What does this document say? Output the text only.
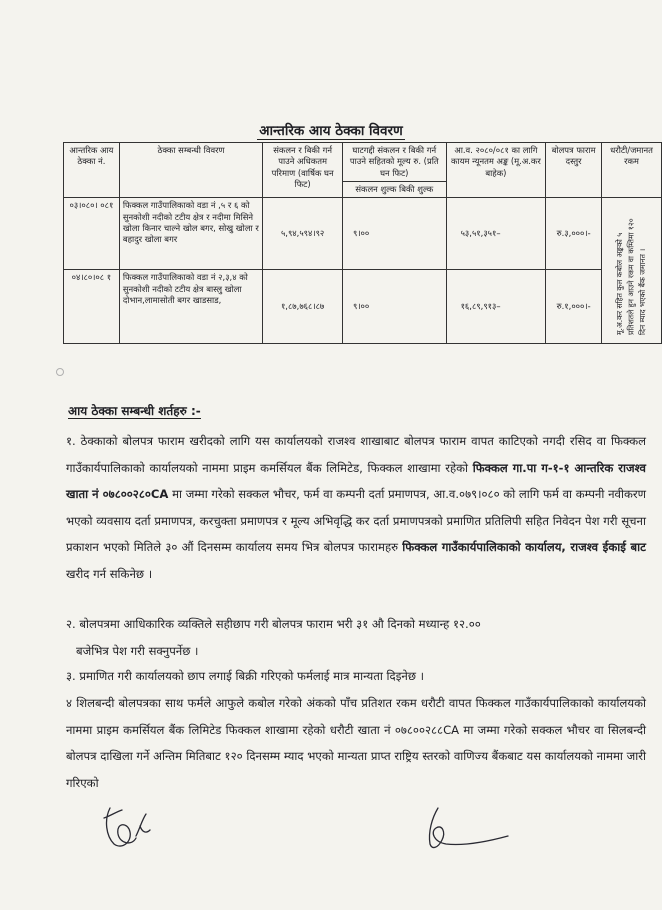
आन्तरिक आय ठेक्का विवरण
आन्तरिक आय ठेक्का नं.	ठेक्का सम्बन्धी विवरण	संकलन र बिकी गर्न पाउने अधिकतम परिमाण (वार्षिक घन फिट)	घाटगद्दी संकलन र बिकी गर्न पाउने सहितको मूल्य रु. (प्रति घन फिट)	आ.व. २०८०/०८१ का लागि कायम न्यूनतम अङ्क (मू.अ.कर बाहेक)	बोलपत्र फाराम दस्तुर	धरौटी/जमानत रकम
			संकलन शुल्क बिकी शुल्क			
०३।०८०। ०८१	फिक्कल गाउँपालिकाको वडा नं ,५ र ६ को सुनकोशी नदीको टटीय क्षेत्र र नदीमा मिसिने खोला किनार चाल्ने खोल बगर, सोखु खोला र बहादुर खोला बगर	५,९४,५९४।९२	९।००	५३,५१,३५१–	रु.३,०००।-	मू.अ.कर सहित कुल कबोल अङ्कको ५ प्रतिशतले हुन आउने रकम वा कम्तिमा १२० दिन म्याद भएको बैंक जमानत ।

०४।८०।०८ १	फिक्कल गाउँपालिकाको वडा नं २,३,४ को सुनकोशी नदीको टटीय क्षेत्र बास्लु खोला दोभान,लामासोती बगर खाडसाड,	१,८७,७६८।८७	९।००	१६,८९,९१३–	रु.१,०००।-	
आय ठेक्का सम्बन्धी शर्तहरु :-
१. ठेक्काको बोलपत्र फाराम खरीदको लागि यस कार्यालयको राजश्व शाखाबाट बोलपत्र फाराम वापत काटिएको नगदी रसिद वा फिक्कल गाउँकार्यपालिकाको कार्यालयको नाममा प्राइम कमर्सियल बैंक लिमिटेड, फिक्कल शाखामा रहेको फिक्कल गा.पा ग-१-१ आन्तरिक राजश्व खाता नं ०७८००२८०CA मा जम्मा गरेको सक्कल भौचर, फर्म वा कम्पनी दर्ता प्रमाणपत्र, आ.व.०७९।०८० को लागि फर्म वा कम्पनी नवीकरण भएको व्यवसाय दर्ता प्रमाणपत्र, करचुक्ता प्रमाणपत्र र मूल्य अभिवृद्धि कर दर्ता प्रमाणपत्रको प्रमाणित प्रतिलिपी सहित निवेदन पेश गरी सूचना प्रकाशन भएको मितिले ३० औं दिनसम्म कार्यालय समय भित्र बोलपत्र फारामहरु फिक्कल गाउँकार्यपालिकाको कार्यालय, राजश्व ईकाई बाट खरीद गर्न सकिनेछ ।
२. बोलपत्रमा आधिकारिक व्यक्तिले सहीछाप गरी बोलपत्र फाराम भरी ३१ औ दिनको मध्यान्ह १२.००
बजेभित्र पेश गरी सक्नुपर्नेछ ।
३. प्रमाणित गरी कार्यालयको छाप लगाई बिक्री गरिएको फर्मलाई मात्र मान्यता दिइनेछ ।
४ शिलबन्दी बोलपत्रका साथ फर्मले आफुले कबोल गरेको अंकको पाँच प्रतिशत रकम धरौटी वापत फिक्कल गाउँकार्यपालिकाको कार्यालयको नाममा प्राइम कमर्सियल बैंक लिमिटेड फिक्कल शाखामा रहेको धरौटी खाता नं ०७८००२८८CA मा जम्मा गरेको सक्कल भौचर वा सिलबन्दी बोलपत्र दाखिला गर्ने अन्तिम मितिबाट १२० दिनसम्म म्याद भएको मान्यता प्राप्त राष्ट्रिय स्तरको वाणिज्य बैंकबाट यस कार्यालयको नाममा जारी गरिएको
